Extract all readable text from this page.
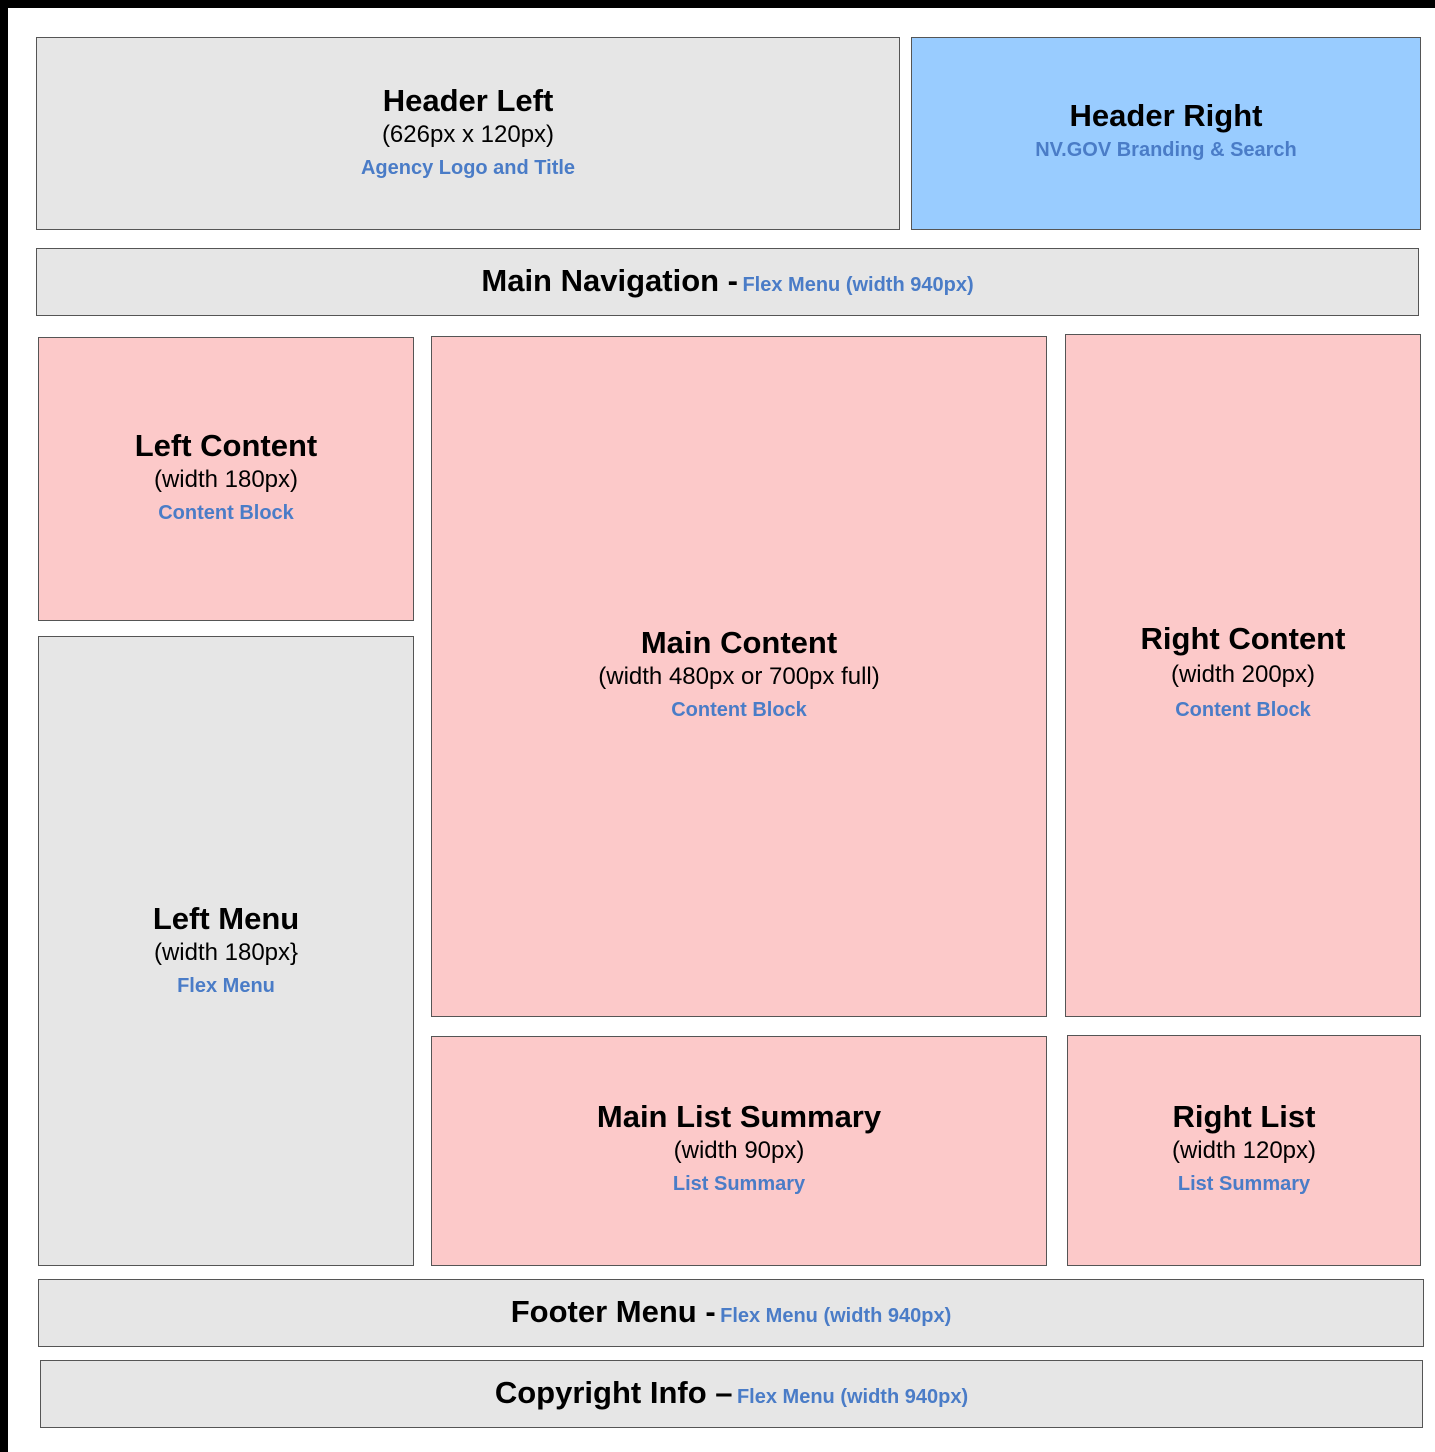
Header Left
(626px x 120px)
Agency Logo and Title
Header Right
NV.GOV Branding & Search
Main Navigation - Flex Menu (width 940px)
Left Content
(width 180px)
Content Block
Left Menu
(width 180px}
Flex Menu
Main Content
(width 480px or 700px full)
Content Block
Right Content
(width 200px)
Content Block
Main List Summary
(width 90px)
List Summary
Right List
(width 120px)
List Summary
Footer Menu - Flex Menu (width 940px)
Copyright Info – Flex Menu (width 940px)
